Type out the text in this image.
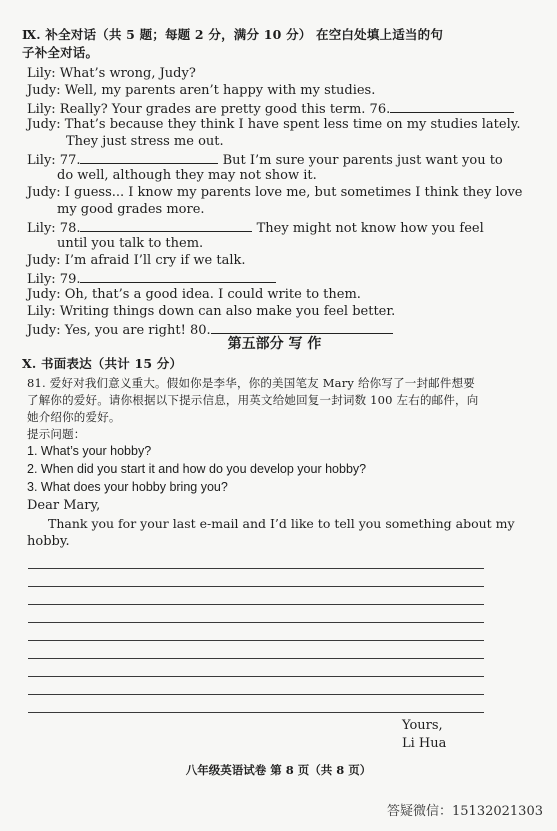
Ⅸ. 补全对话（共 5 题；每题 2 分，满分 10 分） 在空白处填上适当的句
子补全对话。
Lily: What’s wrong, Judy?
Judy: Well, my parents aren’t happy with my studies.
Lily: Really? Your grades are pretty good this term. 76.
Judy: That’s because they think I have spent less time on my studies lately.
They just stress me out.
Lily: 77.	But I’m sure your parents just want you to
do well, although they may not show it.
Judy: I guess... I know my parents love me, but sometimes I think they love
my good grades more.
Lily: 78.	They might not know how you feel
until you talk to them.
Judy: I’m afraid I’ll cry if we talk.
Lily: 79.
Judy: Oh, that’s a good idea. I could write to them.
Lily: Writing things down can also make you feel better.
Judy: Yes, you are right! 80.
第五部分 写 作
Ⅹ. 书面表达（共计 15 分）
81. 爱好对我们意义重大。假如你是李华，你的美国笔友 Mary 给你写了一封邮件想要
了解你的爱好。请你根据以下提示信息，用英文给她回复一封词数 100 左右的邮件，向
她介绍你的爱好。
提示问题：
1. What’s your hobby?
2. When did you start it and how do you develop your hobby?
3. What does your hobby bring you?
Dear Mary,
Thank you for your last e-mail and I’d like to tell you something about my
hobby.
Yours,
Li Hua
八年级英语试卷 第 8 页（共 8 页）
答疑微信：15132021303
